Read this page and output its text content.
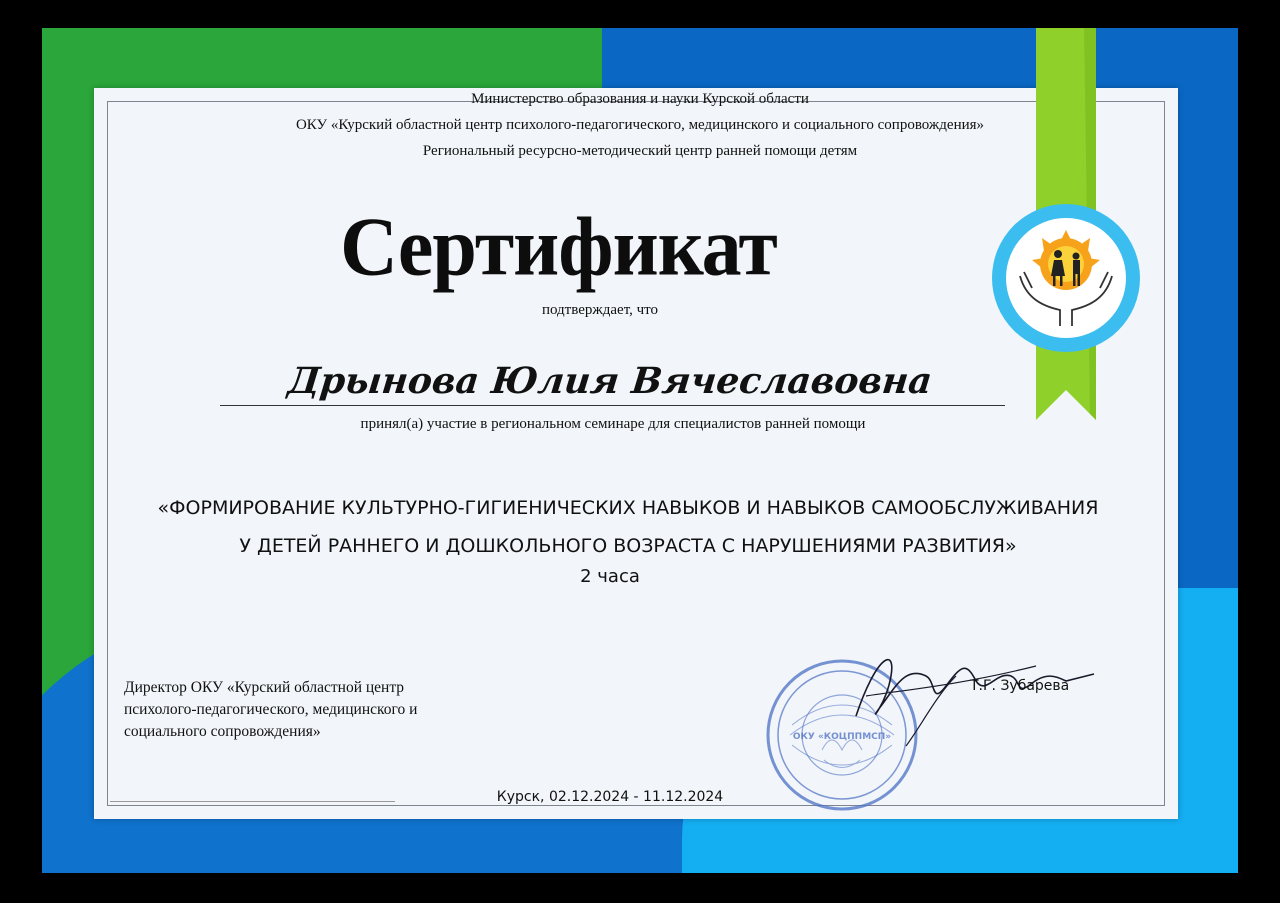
Министерство образования и науки Курской области
ОКУ «Курский областной центр психолого-педагогического, медицинского и социального сопровождения»
Региональный ресурсно-методический центр ранней помощи детям
Сертификат
подтверждает, что
Дрынова Юлия Вячеславовна
принял(а) участие в региональном семинаре для специалистов ранней помощи
«ФОРМИРОВАНИЕ КУЛЬТУРНО-ГИГИЕНИЧЕСКИХ НАВЫКОВ И НАВЫКОВ САМООБСЛУЖИВАНИЯ
У ДЕТЕЙ РАННЕГО И ДОШКОЛЬНОГО ВОЗРАСТА С НАРУШЕНИЯМИ РАЗВИТИЯ»
2 часа
Директор ОКУ «Курский областной центр
психолого-педагогического, медицинского и
социального сопровождения»	ОКУ «КОЦППМСП»
Т.Г. Зубарева
Курск, 02.12.2024 - 11.12.2024
